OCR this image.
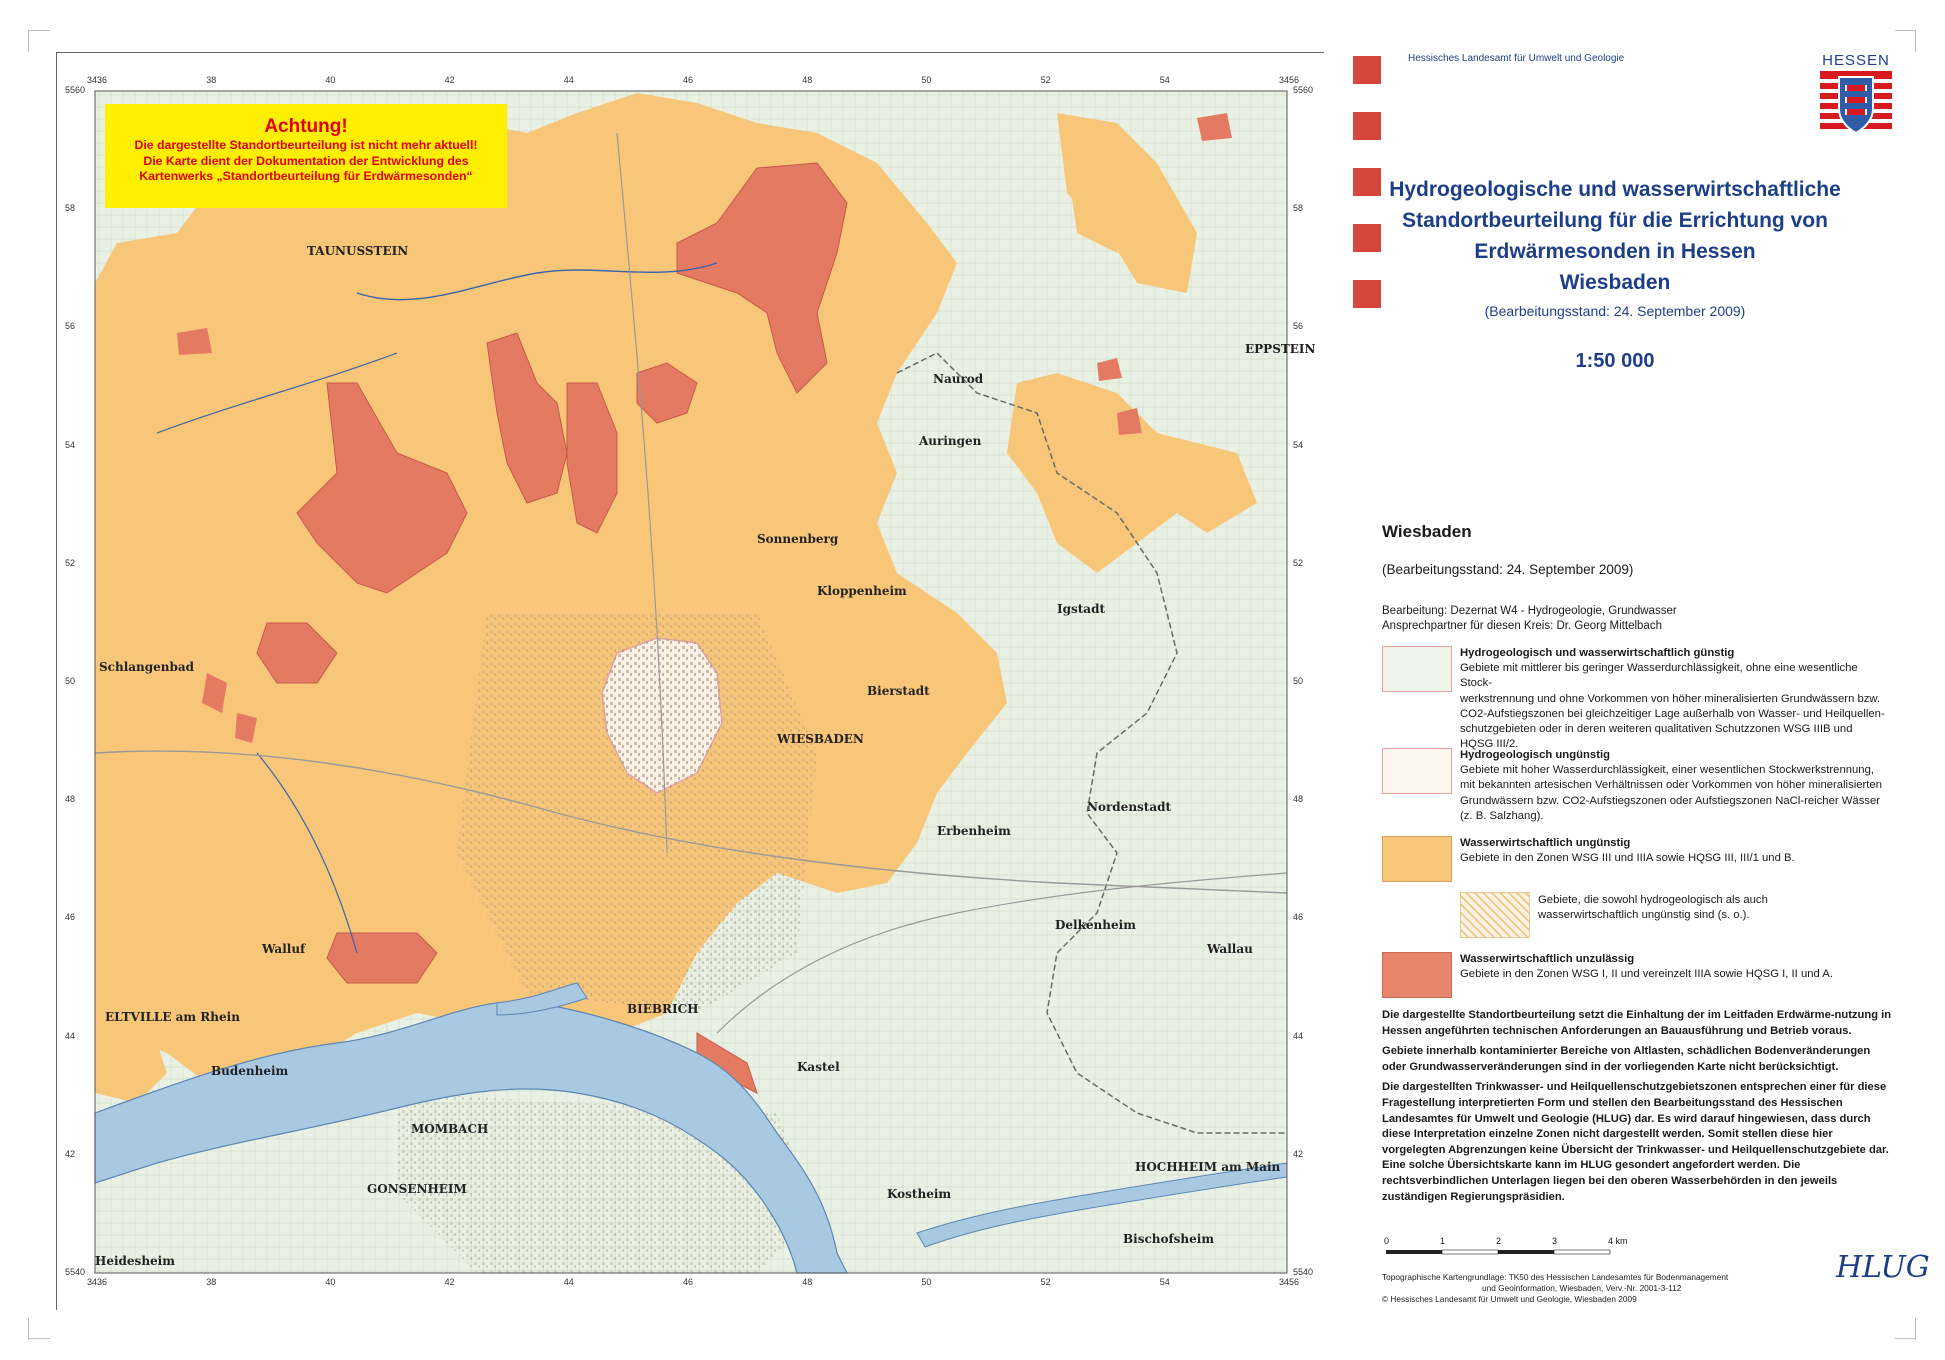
TAUNUSSTEIN
Schlangenbad
ELTVILLE am Rhein
Walluf
WIESBADEN
BIEBRICH
Budenheim
MOMBACH
GONSENHEIM
Kastel
Erbenheim
Nordenstadt
Delkenheim
HOCHHEIM am Main
Bischofsheim
Kostheim
Sonnenberg
Bierstadt
Kloppenheim
Auringen
Naurod
Igstadt
Heidesheim
EPPSTEIN
Wallau
3436
3436
38
38
40
40
42
42
44
44
46
46
48
48
50
50
52
52
54
54
3456
3456
5560	5560
58	58
56	56
54	54
52	52
50	50
48	48
46	46
44	44
42	42
5540	5540
Achtung!
Die dargestellte Standortbeurteilung ist nicht mehr aktuell!
Die Karte dient der Dokumentation der Entwicklung des
Kartenwerks „Standortbeurteilung für Erdwärmesonden“
Hessisches Landesamt für Umwelt und Geologie	HESSEN
Hydrogeologische und wasserwirtschaftliche
Standortbeurteilung für die Errichtung von
Erdwärmesonden in Hessen
Wiesbaden
(Bearbeitungsstand: 24. September 2009)
1:50 000
Wiesbaden
(Bearbeitungsstand: 24. September 2009)
Bearbeitung: Dezernat W4 - Hydrogeologie, Grundwasser
Ansprechpartner für diesen Kreis: Dr. Georg Mittelbach
Hydrogeologisch und wasserwirtschaftlich günstig
Gebiete mit mittlerer bis geringer Wasserdurchlässigkeit, ohne eine wesentliche Stock-
werkstrennung und ohne Vorkommen von höher mineralisierten Grundwässern bzw.
CO2-Aufstiegszonen bei gleichzeitiger Lage außerhalb von Wasser- und Heilquellen-
schutzgebieten oder in deren weiteren qualitativen Schutzzonen WSG IIIB und
HQSG III/2.
Hydrogeologisch ungünstig
Gebiete mit hoher Wasserdurchlässigkeit, einer wesentlichen Stockwerkstrennung,
mit bekannten artesischen Verhältnissen oder Vorkommen von höher mineralisierten
Grundwässern bzw. CO2-Aufstiegszonen oder Aufstiegszonen NaCl-reicher Wässer
(z. B. Salzhang).
Wasserwirtschaftlich ungünstig
Gebiete in den Zonen WSG III und IIIA sowie HQSG III, III/1 und B.
Gebiete, die sowohl hydrogeologisch als auch
wasserwirtschaftlich ungünstig sind (s. o.).
Wasserwirtschaftlich unzulässig
Gebiete in den Zonen WSG I, II und vereinzelt IIIA sowie HQSG I, II und A.

Die dargestellte Standortbeurteilung setzt die Einhaltung der im Leitfaden Erdwärme-nutzung in Hessen angeführten technischen Anforderungen an Bauausführung und Betrieb voraus.

Gebiete innerhalb kontaminierter Bereiche von Altlasten, schädlichen Bodenveränderungen oder Grundwasserveränderungen sind in der vorliegenden Karte nicht berücksichtigt.

Die dargestellten Trinkwasser- und Heilquellenschutzgebietszonen entsprechen einer für diese Fragestellung interpretierten Form und stellen den Bearbeitungsstand des Hessischen Landesamtes für Umwelt und Geologie (HLUG) dar. Es wird darauf hingewiesen, dass durch diese Interpretation einzelne Zonen nicht dargestellt werden. Somit stellen diese hier vorgelegten Abgrenzungen keine Übersicht der Trinkwasser- und Heilquellenschutzgebiete dar. Eine solche Übersichtskarte kann im HLUG gesondert angefordert werden. Die rechtsverbindlichen Unterlagen liegen bei den oberen Wasserbehörden in den jeweils zuständigen Regierungspräsidien.

0	1	2	3	4 km
Topographische Kartengrundlage: TK50 des Hessischen Landesamtes für Bodenmanagement
und Geoinformation, Wiesbaden, Verv.-Nr. 2001-3-112
© Hessisches Landesamt für Umwelt und Geologie, Wiesbaden 2009
HLUG
